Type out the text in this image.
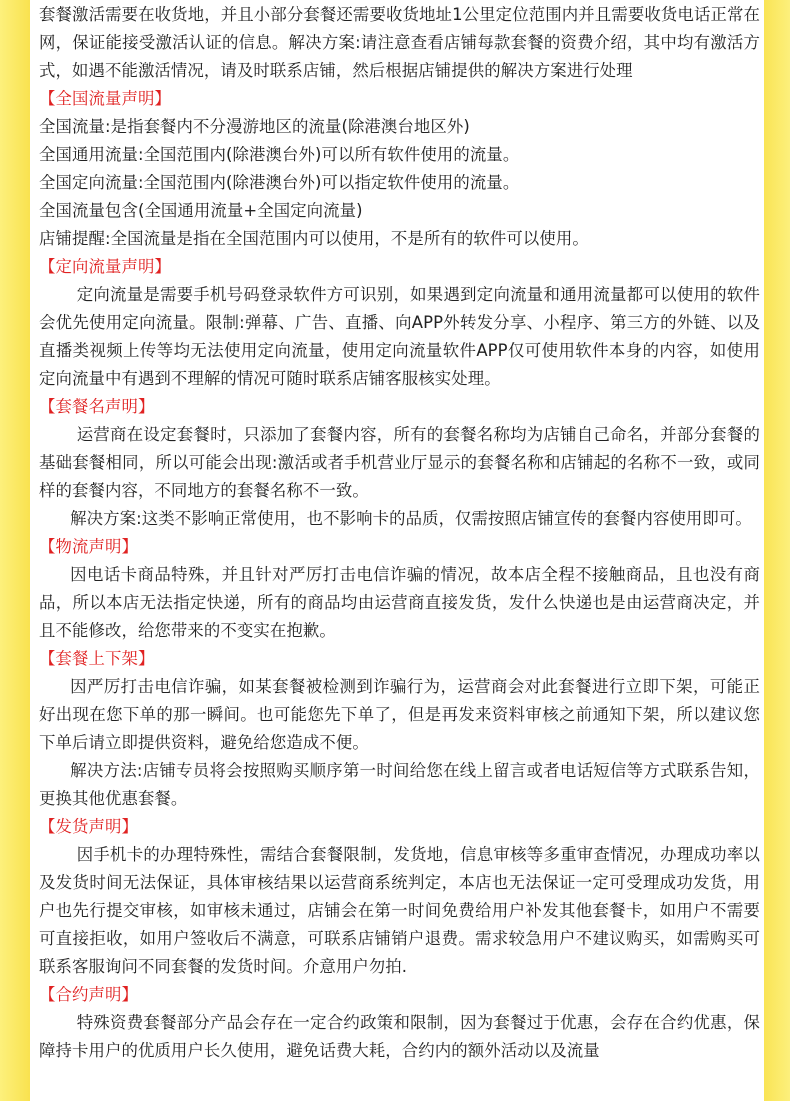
套餐激活需要在收货地，并且小部分套餐还需要收货地址1公里定位范围内并且需要收货电话正常在网，保证能接受激活认证的信息。解决方案:请注意查看店铺每款套餐的资费介绍，其中均有激活方式，如遇不能激活情况，请及时联系店铺，然后根据店铺提供的解决方案进行处理

【全国流量声明】

全国流量:是指套餐内不分漫游地区的流量(除港澳台地区外)

全国通用流量:全国范围内(除港澳台外)可以所有软件使用的流量。

全国定向流量:全国范围内(除港澳台外)可以指定软件使用的流量。

全国流量包含(全国通用流量+全国定向流量)

店铺提醒:全国流量是指在全国范围内可以使用，不是所有的软件可以使用。

【定向流量声明】

定向流量是需要手机号码登录软件方可识别，如果遇到定向流量和通用流量都可以使用的软件会优先使用定向流量。限制:弹幕、广告、直播、向APP外转发分享、小程序、第三方的外链、以及直播类视频上传等均无法使用定向流量，使用定向流量软件APP仅可使用软件本身的内容，如使用定向流量中有遇到不理解的情况可随时联系店铺客服核实处理。

【套餐名声明】

运营商在设定套餐时，只添加了套餐内容，所有的套餐名称均为店铺自己命名，并部分套餐的基础套餐相同，所以可能会出现:激活或者手机营业厅显示的套餐名称和店铺起的名称不一致，或同样的套餐内容，不同地方的套餐名称不一致。

解决方案:这类不影响正常使用，也不影响卡的品质，仅需按照店铺宣传的套餐内容使用即可。

【物流声明】

因电话卡商品特殊，并且针对严厉打击电信诈骗的情况，故本店全程不接触商品，且也没有商品，所以本店无法指定快递，所有的商品均由运营商直接发货，发什么快递也是由运营商决定，并且不能修改，给您带来的不变实在抱歉。

【套餐上下架】

因严厉打击电信诈骗，如某套餐被检测到诈骗行为，运营商会对此套餐进行立即下架，可能正好出现在您下单的那一瞬间。也可能您先下单了，但是再发来资料审核之前通知下架，所以建议您下单后请立即提供资料，避免给您造成不便。

解决方法:店铺专员将会按照购买顺序第一时间给您在线上留言或者电话短信等方式联系告知，更换其他优惠套餐。

【发货声明】

因手机卡的办理特殊性，需结合套餐限制，发货地，信息审核等多重审查情况，办理成功率以及发货时间无法保证，具体审核结果以运营商系统判定，本店也无法保证一定可受理成功发货，用户也先行提交审核，如审核未通过，店铺会在第一时间免费给用户补发其他套餐卡，如用户不需要可直接拒收，如用户签收后不满意，可联系店铺销户退费。需求较急用户不建议购买，如需购买可联系客服询问不同套餐的发货时间。介意用户勿拍.

【合约声明】

特殊资费套餐部分产品会存在一定合约政策和限制，因为套餐过于优惠，会存在合约优惠，保障持卡用户的优质用户长久使用，避免话费大耗，合约内的额外活动以及流量
